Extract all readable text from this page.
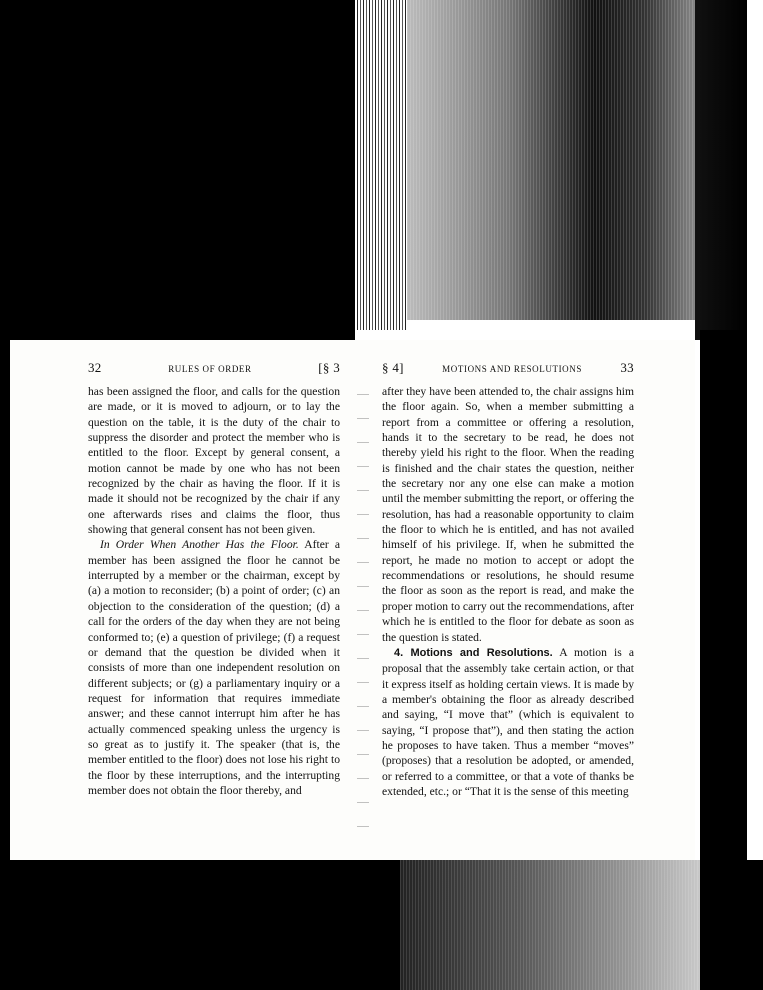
32	RULES OF ORDER	[§ 3

has been assigned the floor, and calls for the question are made, or it is moved to adjourn, or to lay the question on the table, it is the duty of the chair to suppress the disorder and protect the member who is entitled to the floor. Except by general consent, a motion cannot be made by one who has not been recognized by the chair as having the floor. If it is made it should not be recognized by the chair if any one afterwards rises and claims the floor, thus showing that general consent has not been given.

In Order When Another Has the Floor. After a member has been assigned the floor he cannot be interrupted by a member or the chairman, except by (a) a motion to reconsider; (b) a point of order; (c) an objection to the consideration of the question; (d) a call for the orders of the day when they are not being conformed to; (e) a question of privilege; (f) a request or demand that the question be divided when it consists of more than one independent resolution on different subjects; or (g) a parliamentary inquiry or a request for information that requires immediate answer; and these cannot interrupt him after he has actually commenced speaking unless the urgency is so great as to justify it. The speaker (that is, the member entitled to the floor) does not lose his right to the floor by these interruptions, and the interrupting member does not obtain the floor thereby, and

§ 4]	MOTIONS AND RESOLUTIONS	33

after they have been attended to, the chair assigns him the floor again. So, when a member submitting a report from a committee or offering a resolution, hands it to the secretary to be read, he does not thereby yield his right to the floor. When the reading is finished and the chair states the question, neither the secretary nor any one else can make a motion until the member submitting the report, or offering the resolution, has had a reasonable opportunity to claim the floor to which he is entitled, and has not availed himself of his privilege. If, when he submitted the report, he made no motion to accept or adopt the recommendations or resolutions, he should resume the floor as soon as the report is read, and make the proper motion to carry out the recommendations, after which he is entitled to the floor for debate as soon as the question is stated.

4. Motions and Resolutions. A motion is a proposal that the assembly take certain action, or that it express itself as holding certain views. It is made by a member's obtaining the floor as already described and saying, “I move that” (which is equivalent to saying, “I propose that”), and then stating the action he proposes to have taken. Thus a member “moves” (proposes) that a resolution be adopted, or amended, or referred to a committee, or that a vote of thanks be extended, etc.; or “That it is the sense of this meeting
